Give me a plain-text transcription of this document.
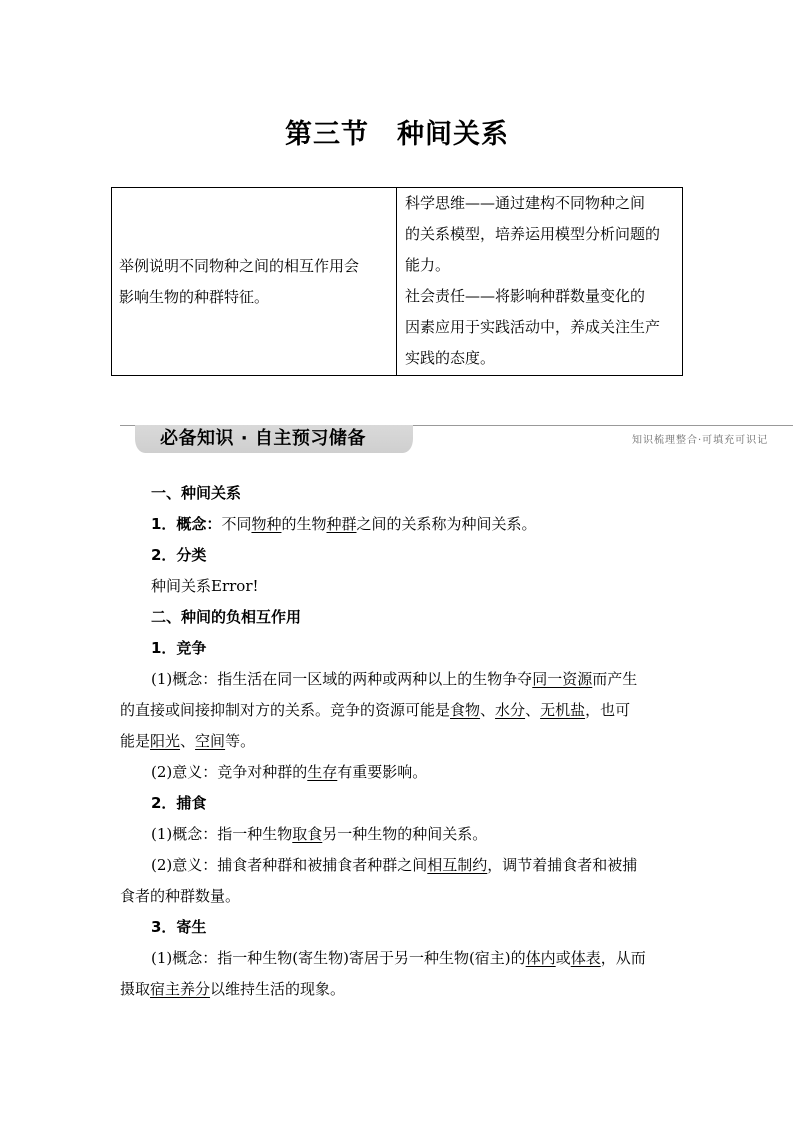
第三节　种间关系
举例说明不同物种之间的相互作用会
影响生物的种群特征。

科学思维——通过建构不同物种之间
的关系模型，培养运用模型分析问题的
能力。
社会责任——将影响种群数量变化的
因素应用于实践活动中，养成关注生产
实践的态度。
必备知识 · 自主预习储备	知识梳理整合·可填充可识记
一、种间关系
1．概念：不同物种的生物种群之间的关系称为种间关系。
2．分类
种间关系Error!
二、种间的负相互作用
1．竞争
(1)概念：指生活在同一区域的两种或两种以上的生物争夺同一资源而产生
的直接或间接抑制对方的关系。竞争的资源可能是食物、水分、无机盐，也可
能是阳光、空间等。
(2)意义：竞争对种群的生存有重要影响。
2．捕食
(1)概念：指一种生物取食另一种生物的种间关系。
(2)意义：捕食者种群和被捕食者种群之间相互制约，调节着捕食者和被捕
食者的种群数量。
3．寄生
(1)概念：指一种生物(寄生物)寄居于另一种生物(宿主)的体内或体表，从而
摄取宿主养分以维持生活的现象。
